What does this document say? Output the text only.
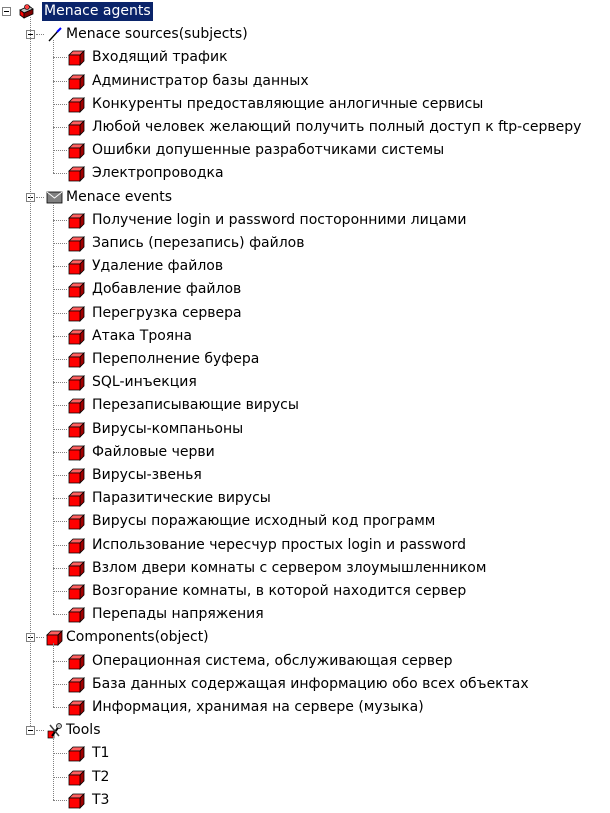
Menace agents
Menace sources(subjects)
Входящий трафик
Администратор базы данных
Конкуренты предоставляющие анлогичные сервисы
Любой человек желающий получить полный доступ к ftp-серверу
Ошибки допушенные разработчиками системы
Электропроводка
Menace events
Получение login и password посторонними лицами
Запись (перезапись) файлов
Удаление файлов
Добавление файлов
Перегрузка сервера
Атака Трояна
Переполнение буфера
SQL-инъекция
Перезаписывающие вирусы
Вирусы-компаньоны
Файловые черви
Вирусы-звенья
Паразитические вирусы
Вирусы поражающие исходный код программ
Использование чересчур простых login и password
Взлом двери комнаты с сервером злоумышленником
Возгорание комнаты, в которой находится сервер
Перепады напряжения
Components(object)
Операционная система, обслуживающая сервер
База данных содержащая информацию обо всех объектах
Информация, хранимая на сервере (музыка)
Tools
T1
T2
T3
